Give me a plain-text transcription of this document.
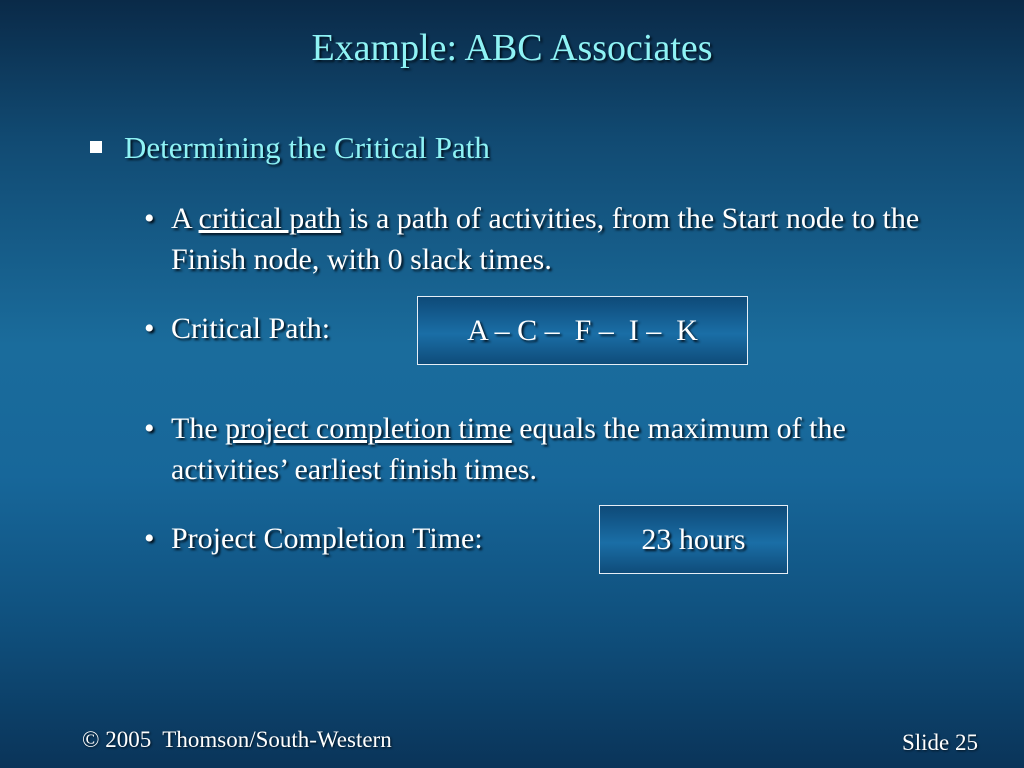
Example: ABC Associates
Determining the Critical Path
• A critical path is a path of activities, from the Start node to the Finish node, with 0 slack times.
• Critical Path:	A – C –  F –  I –  K
• The project completion time equals the maximum of the activities’ earliest finish times.
• Project Completion Time:	23 hours
© 2005  Thomson/South-Western	Slide 25
